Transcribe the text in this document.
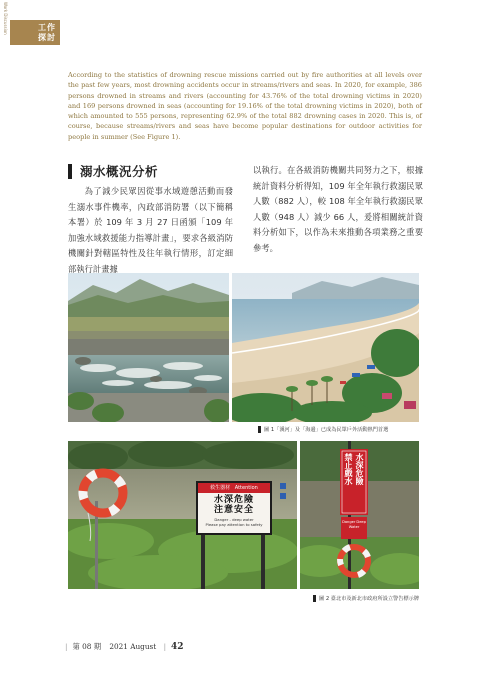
Work Discussion	工作
探討

According to the statistics of drowning rescue missions carried out by fire authorities at all levels over the past few years, most drowning accidents occur in streams/rivers and seas. In 2020, for example, 386 persons drowned in streams and rivers (accounting for 43.76% of the total drowning victims in 2020) and 169 persons drowned in seas (accounting for 19.16% of the total drowning victims in 2020), both of which amounted to 555 persons, representing 62.9% of the total 882 drowning cases in 2020. This is, of course, because streams/rivers and seas have become popular destinations for outdoor activities for people in summer (See Figure 1).

溺水概況分析

為了減少民眾因從事水域遊憩活動而發生溺水事件機率，內政部消防署（以下簡稱本署）於 109 年 3 月 27 日函頒「109 年加強水域救援能力指導計畫」，要求各級消防機關針對轄區特性及往年執行情形，訂定細部執行計畫據

以執行。在各級消防機關共同努力之下，根據統計資料分析得知，109 年全年執行救溺民眾人數（882 人），較 108 年全年執行救溺民眾人數（948 人）減少 66 人，爰將相關統計資料分析如下，以作為未來推動各項業務之重要參考。

圖 1「溪河」及「海邊」已成為民眾戶外活動熱門首選
救生器材 Attention
水深危險
注意安全
Danger - deep water
Please pay attention to safety
禁止戲水 水深危險
Danger Deep Water
圖 2 臺北市及新北市政府所設立警告標示牌
| 第 08 期 2021 August | 42
